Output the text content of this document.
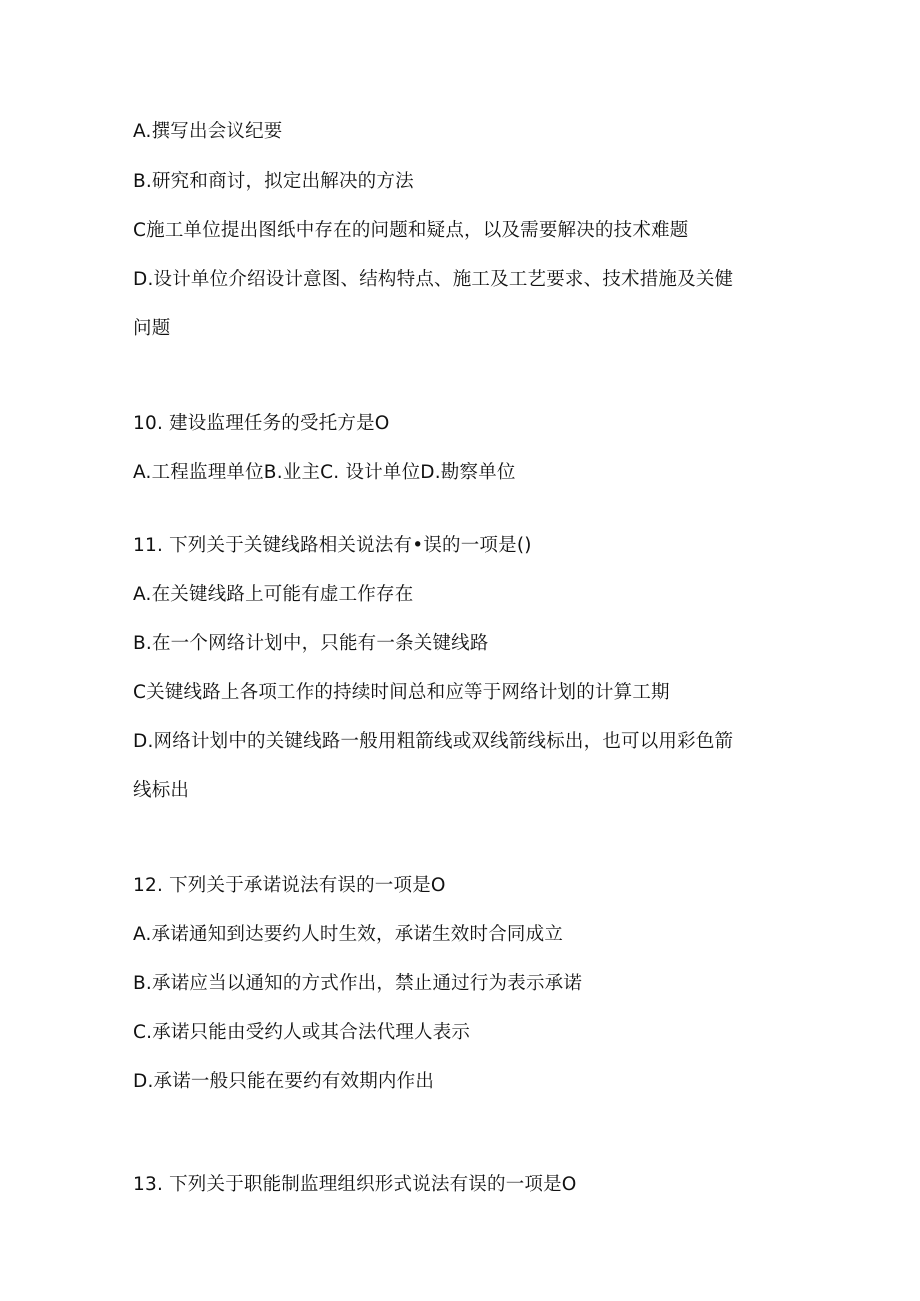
A.撰写出会议纪要
B.研究和商讨，拟定出解决的方法
C施工单位提出图纸中存在的问题和疑点，以及需要解决的技术难题
D.设计单位介绍设计意图、结构特点、施工及工艺要求、技术措施及关健
问题
10. 建设监理任务的受托方是O
A.工程监理单位B.业主C. 设计单位D.勘察单位
11. 下列关于关键线路相关说法有•误的一项是()
A.在关键线路上可能有虚工作存在
B.在一个网络计划中，只能有一条关键线路
C关键线路上各项工作的持续时间总和应等于网络计划的计算工期
D.网络计划中的关键线路一般用粗箭线或双线箭线标出，也可以用彩色箭
线标出
12. 下列关于承诺说法有误的一项是O
A.承诺通知到达要约人时生效，承诺生效时合同成立
B.承诺应当以通知的方式作出，禁止通过行为表示承诺
C.承诺只能由受约人或其合法代理人表示
D.承诺一般只能在要约有效期内作出
13. 下列关于职能制监理组织形式说法有误的一项是O
